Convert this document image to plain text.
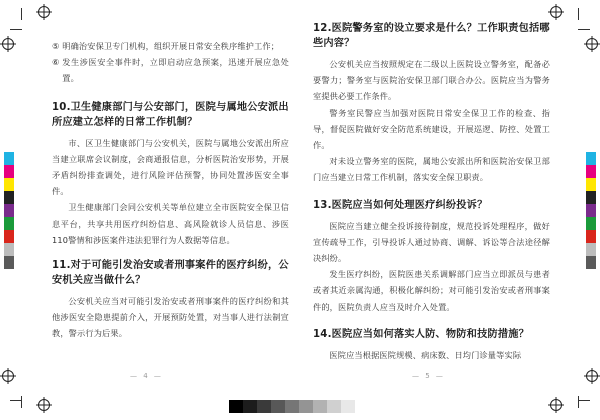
⑤ 明确治安保卫专门机构，组织开展日常安全秩序维护工作；

⑥ 发生涉医安全事件时，立即启动应急预案，迅速开展应急处置。

10.卫生健康部门与公安部门，医院与属地公安派出所应建立怎样的日常工作机制？

市、区卫生健康部门与公安机关，医院与属地公安派出所应当建立联席会议制度，会商通报信息，分析医院治安形势，开展矛盾纠纷排查调处，进行风险评估预警，协同处置涉医安全事件。

卫生健康部门会同公安机关等单位建立全市医院安全保卫信息平台，共享共用医疗纠纷信息、高风险就诊人员信息、涉医110警情和涉医案件违法犯罪行为人数据等信息。

11.对于可能引发治安或者刑事案件的医疗纠纷，公安机关应当做什么？

公安机关应当对可能引发治安或者刑事案件的医疗纠纷和其他涉医安全隐患提前介入，开展预防处置，对当事人进行法制宣教，警示行为后果。

— 4 —
12.医院警务室的设立要求是什么？工作职责包括哪些内容？

公安机关应当按照规定在二级以上医院设立警务室，配备必要警力；警务室与医院治安保卫部门联合办公。医院应当为警务室提供必要工作条件。

警务室民警应当加强对医院日常安全保卫工作的检查、指导，督促医院做好安全防范系统建设，开展巡逻、防控、处置工作。

对未设立警务室的医院，属地公安派出所和医院治安保卫部门应当建立日常工作机制，落实安全保卫职责。

13.医院应当如何处理医疗纠纷投诉？

医院应当建立健全投诉接待制度，规范投诉处理程序，做好宣传疏导工作，引导投诉人通过协商、调解、诉讼等合法途径解决纠纷。

发生医疗纠纷，医院医患关系调解部门应当立即派员与患者或者其近亲属沟通，积极化解纠纷；对可能引发治安或者刑事案件的，医院负责人应当及时介入处置。

14.医院应当如何落实人防、物防和技防措施？

医院应当根据医院规模、病床数、日均门诊量等实际

— 5 —
